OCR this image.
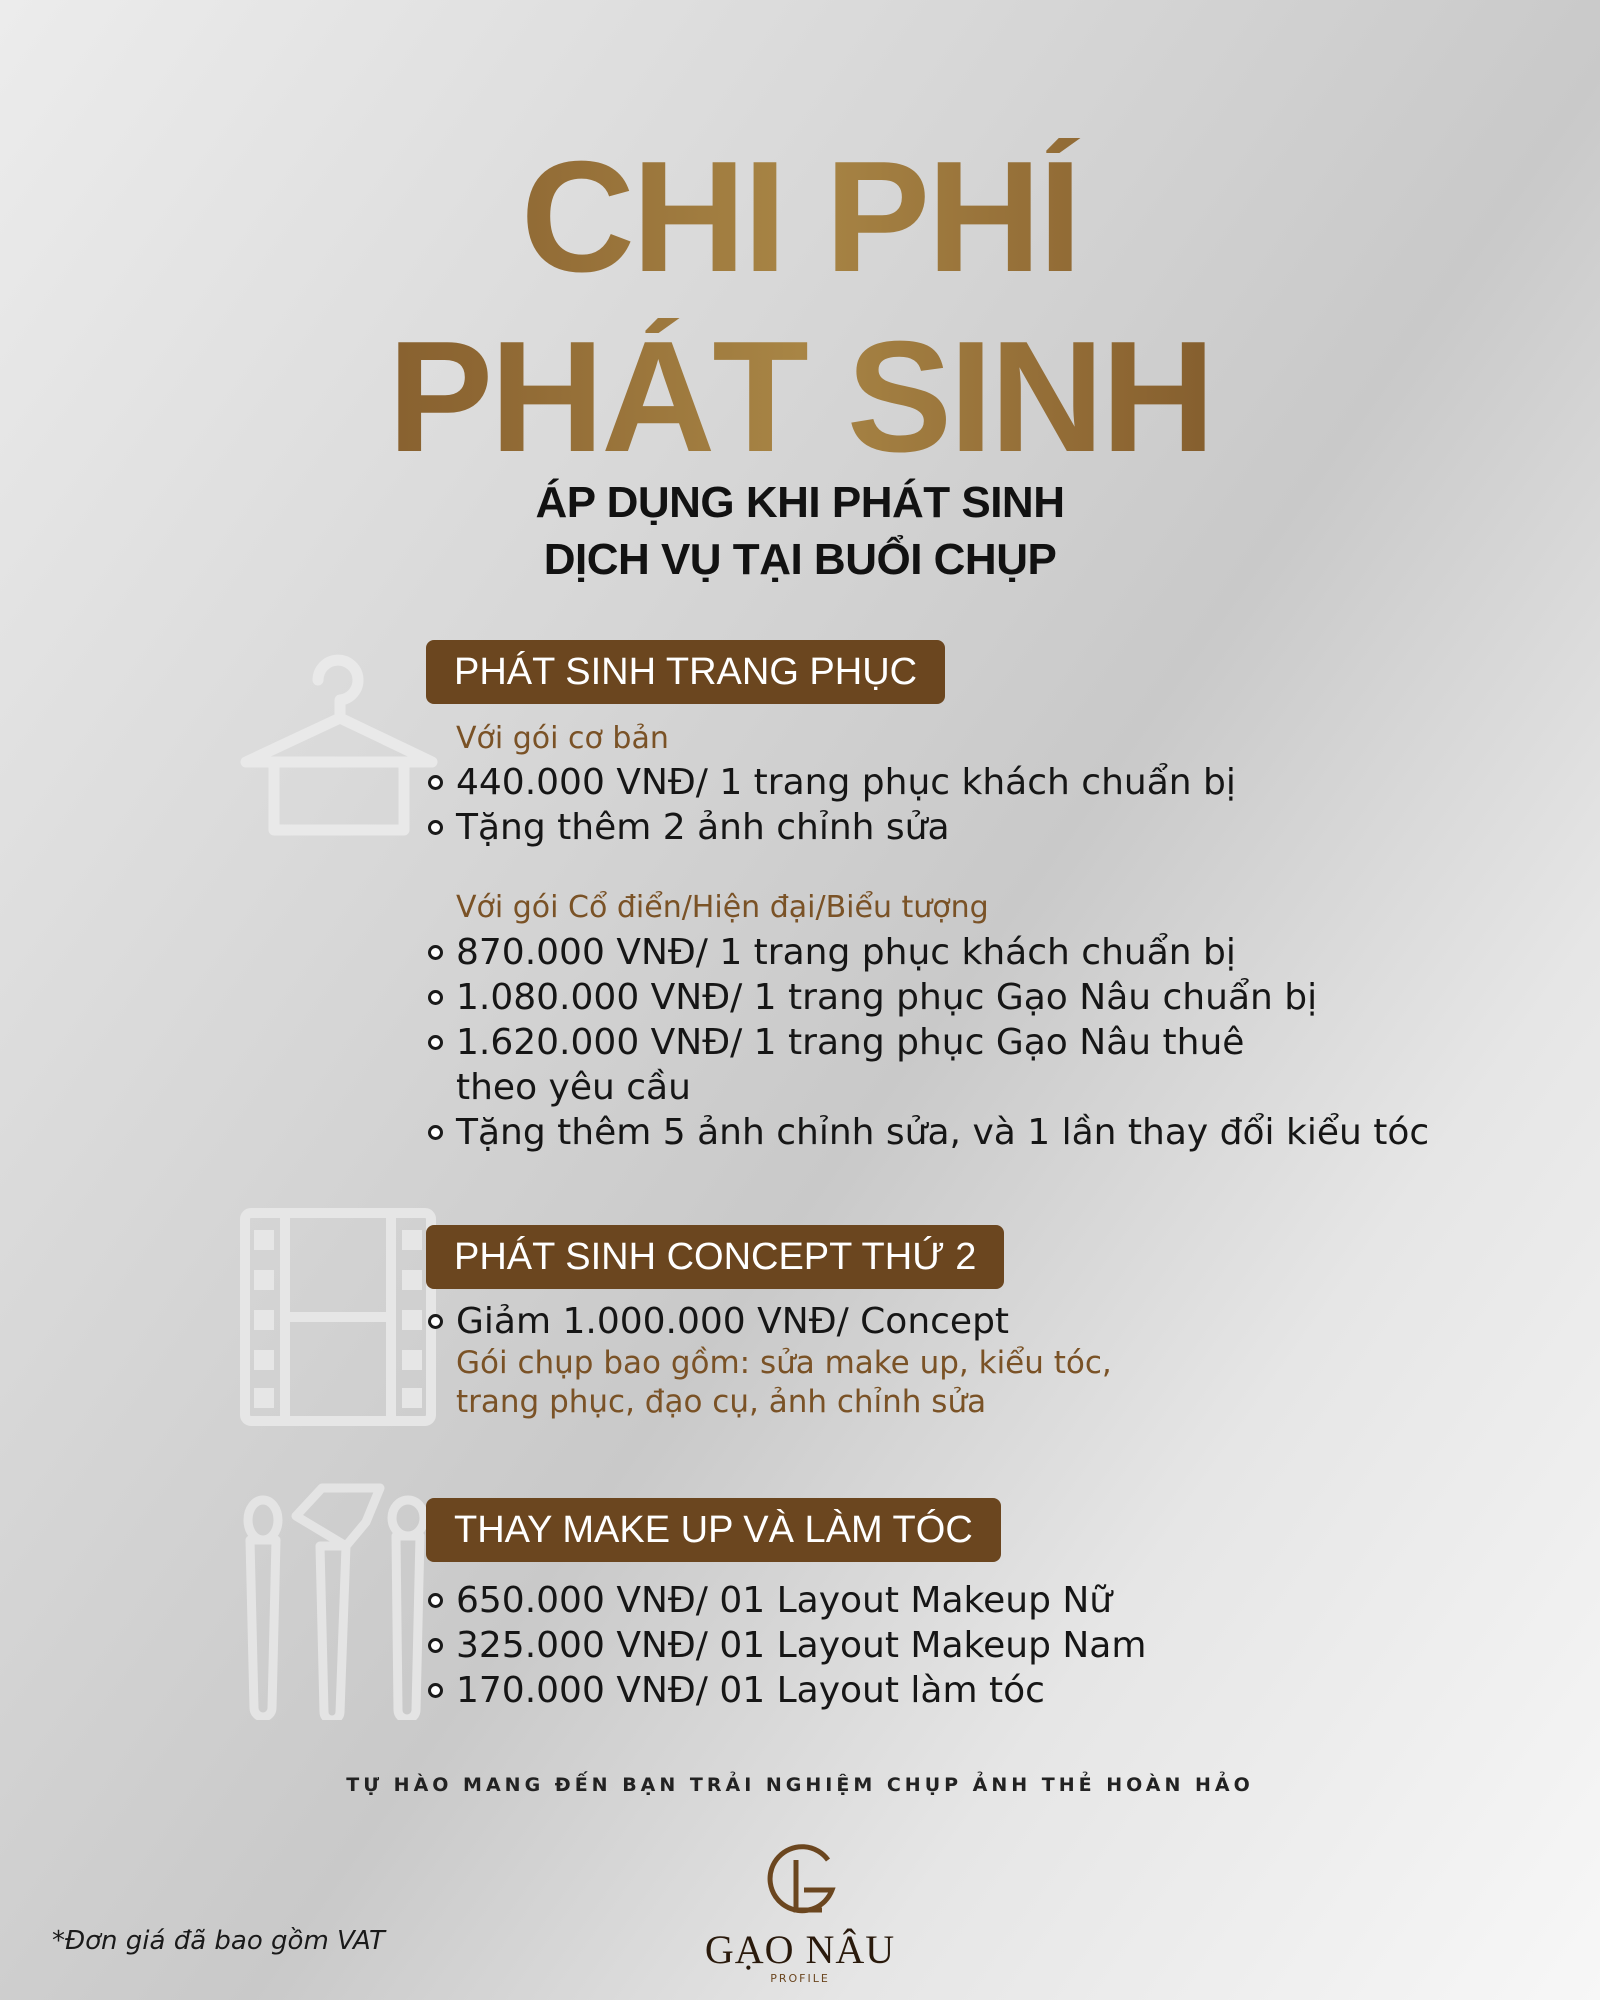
CHI PHÍ
PHÁT SINH
ÁP DỤNG KHI PHÁT SINH
DỊCH VỤ TẠI BUỔI CHỤP
PHÁT SINH TRANG PHỤC
Với gói cơ bản
440.000 VNĐ/ 1 trang phục khách chuẩn bị
Tặng thêm 2 ảnh chỉnh sửa
Với gói Cổ điển/Hiện đại/Biểu tượng
870.000 VNĐ/ 1 trang phục khách chuẩn bị
1.080.000 VNĐ/ 1 trang phục Gạo Nâu chuẩn bị
1.620.000 VNĐ/ 1 trang phục Gạo Nâu thuê
theo yêu cầu
Tặng thêm 5 ảnh chỉnh sửa, và 1 lần thay đổi kiểu tóc
PHÁT SINH CONCEPT THỨ 2
Giảm 1.000.000 VNĐ/ Concept
Gói chụp bao gồm: sửa make up, kiểu tóc,
trang phục, đạo cụ, ảnh chỉnh sửa
THAY MAKE UP VÀ LÀM TÓC
650.000 VNĐ/ 01 Layout Makeup Nữ
325.000 VNĐ/ 01 Layout Makeup Nam
170.000 VNĐ/ 01 Layout làm tóc
TỰ HÀO MANG ĐẾN BẠN TRẢI NGHIỆM CHỤP ẢNH THẺ HOÀN HẢO
GẠO NÂU
PROFILE
*Đơn giá đã bao gồm VAT
